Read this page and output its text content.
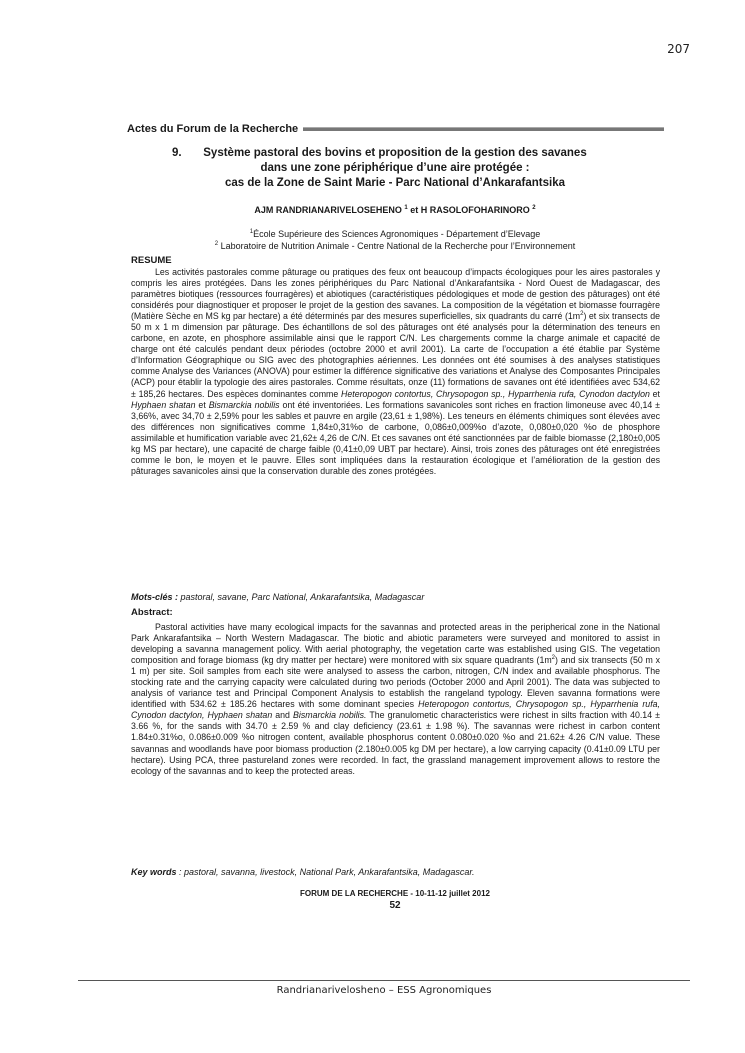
207
Actes du Forum de la Recherche
9.	Système pastoral des bovins et proposition de la gestion des savanes
dans une zone périphérique d’une aire protégée :
cas de la Zone de Saint Marie - Parc National d’Ankarafantsika
AJM RANDRIANARIVELOSEHENO $^1$ et H RASOLOFOHARINORO $^2$
$^1$École Supérieure des Sciences Agronomiques - Département d’Elevage
$^2$ Laboratoire de Nutrition Animale - Centre National de la Recherche pour l’Environnement
RESUME
Les activités pastorales comme pâturage ou pratiques des feux ont beaucoup d’impacts écologiques pour les aires pastorales y compris les aires protégées. Dans les zones périphériques du Parc National d’Ankarafantsika - Nord Ouest de Madagascar, des paramètres biotiques (ressources fourragères) et abiotiques (caractéristiques pédologiques et mode de gestion des pâturages) ont été considérés pour diagnostiquer et proposer le projet de la gestion des savanes. La composition de la végétation et biomasse fourragère (Matière Sèche en MS kg par hectare) a été déterminés par des mesures superficielles, six quadrants du carré $(1m^2)$ et six transects de 50 m x 1 m dimension par pâturage. Des échantillons de sol des pâturages ont été analysés pour la détermination des teneurs en carbone, en azote, en phosphore assimilable ainsi que le rapport C/N. Les chargements comme la charge animale et capacité de charge ont été calculés pendant deux périodes (octobre 2000 et avril 2001). La carte de l’occupation a été établie par Système d’Information Géographique ou SIG avec des photographies aériennes. Les données ont été soumises à des analyses statistiques comme Analyse des Variances (ANOVA) pour estimer la différence significative des variations et Analyse des Composantes Principales (ACP) pour établir la typologie des aires pastorales. Comme résultats, onze (11) formations de savanes ont été identifiées avec 534,62 ± 185,26 hectares. Des espèces dominantes comme Heteropogon contortus, Chrysopogon sp., Hyparrhenia rufa, Cynodon dactylon et Hyphaen shatan et Bismarckia nobilis ont été inventoriées. Les formations savanicoles sont riches en fraction limoneuse avec 40,14 ± 3,66%, avec 34,70 ± 2,59% pour les sables et pauvre en argile (23,61 ± 1,98%). Les teneurs en éléments chimiques sont élevées avec des différences non significatives comme 1,84±0,31%o de carbone, 0,086±0,009%o d’azote, 0,080±0,020 %o de phosphore assimilable et humification variable avec 21,62± 4,26 de C/N. Et ces savanes ont été sanctionnées par de faible biomasse (2,180±0,005 kg MS par hectare), une capacité de charge faible (0,41±0,09 UBT par hectare). Ainsi, trois zones des pâturages ont été enregistrées comme le bon, le moyen et le pauvre. Elles sont impliquées dans la restauration écologique et l’amélioration de la gestion des pâturages savanicoles ainsi que la conservation durable des zones protégées.
Mots-clés : pastoral, savane, Parc National, Ankarafantsika, Madagascar
Abstract:
Pastoral activities have many ecological impacts for the savannas and protected areas in the peripherical zone in the National Park Ankarafantsika – North Western Madagascar. The biotic and abiotic parameters were surveyed and monitored to assist in developing a savanna management policy. With aerial photography, the vegetation carte was established using GIS. The vegetation composition and forage biomass (kg dry matter per hectare) were monitored with six square quadrants $(1m^2)$ and six transects (50 m x 1 m) per site. Soil samples from each site were analysed to assess the carbon, nitrogen, C/N index and available phosphorus. The stocking rate and the carrying capacity were calculated during two periods (October 2000 and April 2001). The data was subjected to analysis of variance test and Principal Component Analysis to establish the rangeland typology. Eleven savanna formations were identified with 534.62 ± 185.26 hectares with some dominant species Heteropogon contortus, Chrysopogon sp., Hyparrhenia rufa, Cynodon dactylon, Hyphaen shatan and Bismarckia nobilis. The granulometic characteristics were richest in silts fraction with 40.14 ± 3.66 %, for the sands with 34.70 ± 2.59 % and clay deficiency (23.61 ± 1.98 %). The savannas were richest in carbon content 1.84±0.31%o, 0.086±0.009 %o nitrogen content, available phosphorus content 0.080±0.020 %o and 21.62± 4.26 C/N value. These savannas and woodlands have poor biomass production (2.180±0.005 kg DM per hectare), a low carrying capacity (0.41±0.09 LTU per hectare). Using PCA, three pastureland zones were recorded. In fact, the grassland management improvement allows to restore the ecology of the savannas and to keep the protected areas.
Key words : pastoral, savanna, livestock, National Park, Ankarafantsika, Madagascar.
FORUM DE LA RECHERCHE - 10-11-12 juillet 2012
52
Randrianarivelosheno – ESS Agronomiques
